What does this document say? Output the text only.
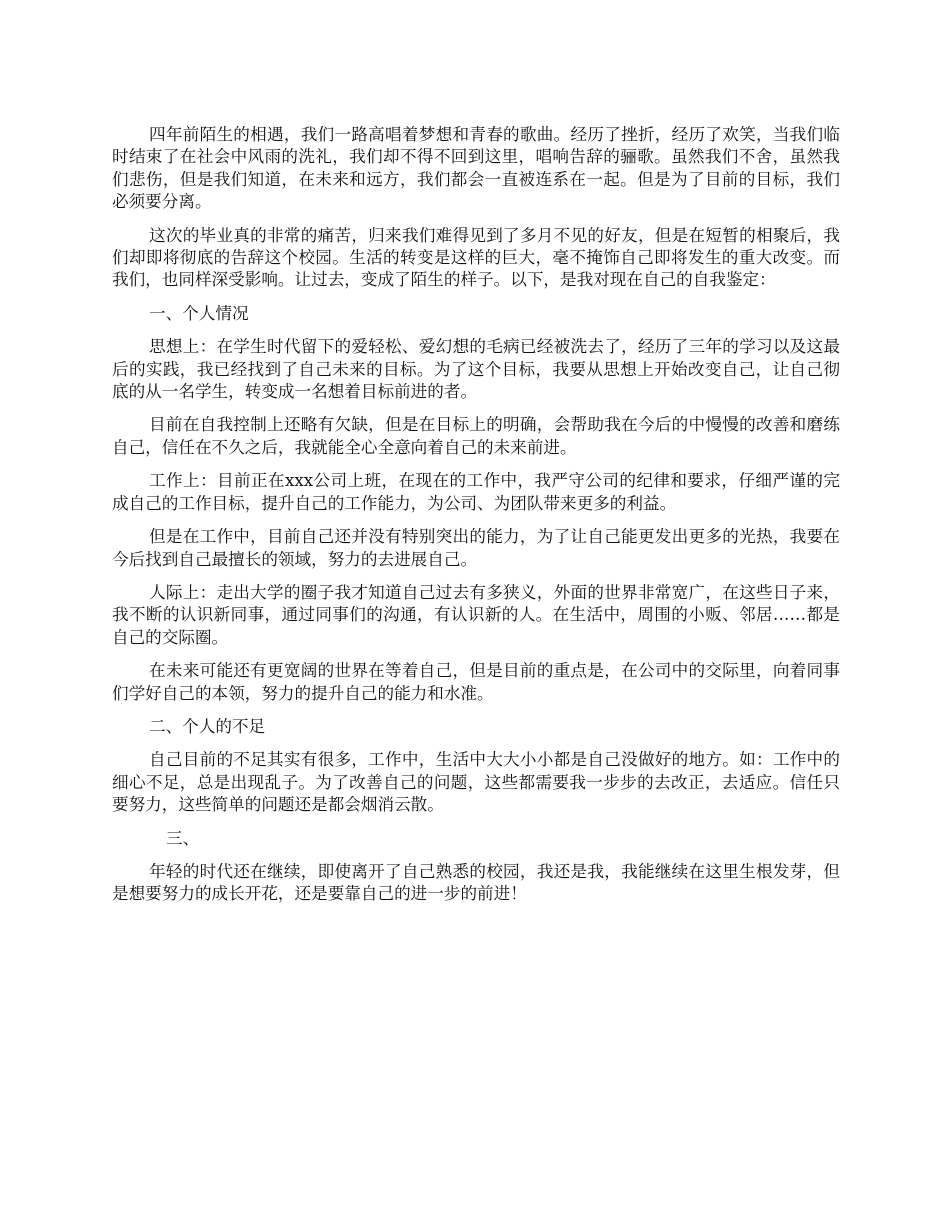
四年前陌生的相遇，我们一路高唱着梦想和青春的歌曲。经历了挫折，经历了欢笑，当我们临时结束了在社会中风雨的洗礼，我们却不得不回到这里，唱响告辞的骊歌。虽然我们不舍，虽然我们悲伤，但是我们知道，在未来和远方，我们都会一直被连系在一起。但是为了目前的目标，我们必须要分离。

这次的毕业真的非常的痛苦，归来我们难得见到了多月不见的好友，但是在短暂的相聚后，我们却即将彻底的告辞这个校园。生活的转变是这样的巨大，毫不掩饰自己即将发生的重大改变。而我们，也同样深受影响。让过去，变成了陌生的样子。以下，是我对现在自己的自我鉴定：

一、个人情况

思想上：在学生时代留下的爱轻松、爱幻想的毛病已经被洗去了，经历了三年的学习以及这最后的实践，我已经找到了自己未来的目标。为了这个目标，我要从思想上开始改变自己，让自己彻底的从一名学生，转变成一名想着目标前进的者。

目前在自我控制上还略有欠缺，但是在目标上的明确，会帮助我在今后的中慢慢的改善和磨练自己，信任在不久之后，我就能全心全意向着自己的未来前进。

工作上：目前正在xxx公司上班，在现在的工作中，我严守公司的纪律和要求，仔细严谨的完成自己的工作目标，提升自己的工作能力，为公司、为团队带来更多的利益。

但是在工作中，目前自己还并没有特别突出的能力，为了让自己能更发出更多的光热，我要在今后找到自己最擅长的领域，努力的去进展自己。

人际上：走出大学的圈子我才知道自己过去有多狭义，外面的世界非常宽广，在这些日子来，我不断的认识新同事，通过同事们的沟通，有认识新的人。在生活中，周围的小贩、邻居……都是自己的交际圈。

在未来可能还有更宽阔的世界在等着自己，但是目前的重点是，在公司中的交际里，向着同事们学好自己的本领，努力的提升自己的能力和水准。

二、个人的不足

自己目前的不足其实有很多，工作中，生活中大大小小都是自己没做好的地方。如：工作中的细心不足，总是出现乱子。为了改善自己的问题，这些都需要我一步步的去改正，去适应。信任只要努力，这些简单的问题还是都会烟消云散。

三、

年轻的时代还在继续，即使离开了自己熟悉的校园，我还是我，我能继续在这里生根发芽，但是想要努力的成长开花，还是要靠自己的进一步的前进！
